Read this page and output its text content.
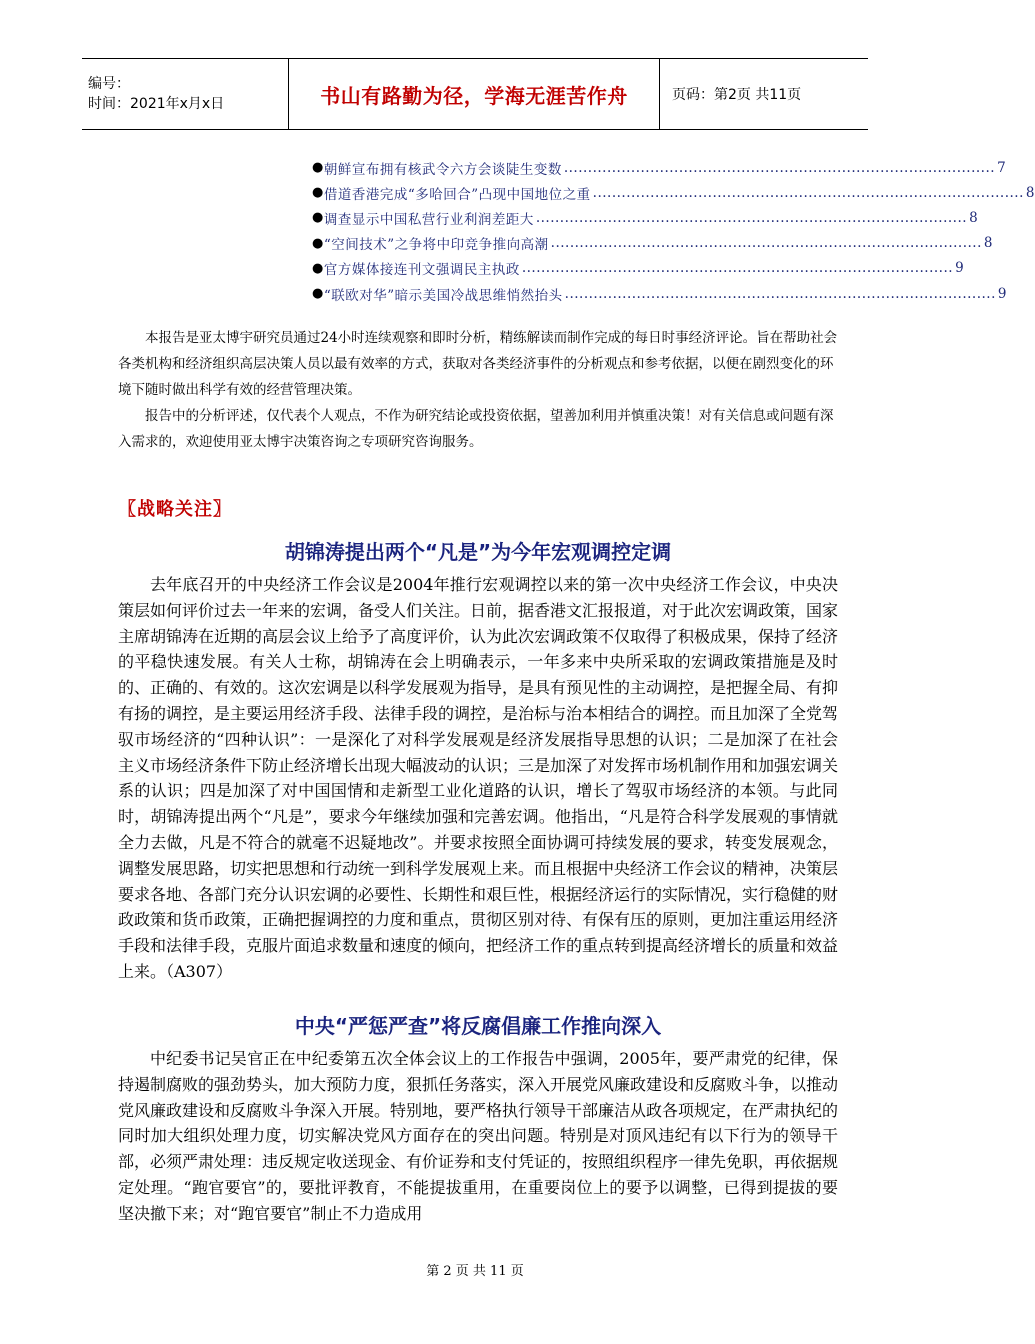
编号：
时间：2021年x月x日	书山有路勤为径，学海无涯苦作舟	页码：第2页 共11页
● 朝鲜宣布拥有核武令六方会谈陡生变数 .......................................................................................... 7
● 借道香港完成“多哈回合”凸现中国地位之重 .......................................................................................... 8
● 调查显示中国私营行业利润差距大 .......................................................................................... 8
● “空间技术”之争将中印竞争推向高潮 .......................................................................................... 8
● 官方媒体接连刊文强调民主执政 .......................................................................................... 9
● “联欧对华”暗示美国冷战思维悄然抬头 .......................................................................................... 9

本报告是亚太博宇研究员通过24小时连续观察和即时分析，精练解读而制作完成的每日时事经济评论。旨在帮助社会各类机构和经济组织高层决策人员以最有效率的方式，获取对各类经济事件的分析观点和参考依据，以便在剧烈变化的环境下随时做出科学有效的经营管理决策。

报告中的分析评述，仅代表个人观点，不作为研究结论或投资依据，望善加利用并慎重决策！对有关信息或问题有深入需求的，欢迎使用亚太博宇决策咨询之专项研究咨询服务。

〖战略关注〗
胡锦涛提出两个“凡是”为今年宏观调控定调

去年底召开的中央经济工作会议是2004年推行宏观调控以来的第一次中央经济工作会议，中央决策层如何评价过去一年来的宏调，备受人们关注。日前，据香港文汇报报道，对于此次宏调政策，国家主席胡锦涛在近期的高层会议上给予了高度评价，认为此次宏调政策不仅取得了积极成果，保持了经济的平稳快速发展。有关人士称，胡锦涛在会上明确表示，一年多来中央所采取的宏调政策措施是及时的、正确的、有效的。这次宏调是以科学发展观为指导，是具有预见性的主动调控，是把握全局、有抑有扬的调控，是主要运用经济手段、法律手段的调控，是治标与治本相结合的调控。而且加深了全党驾驭市场经济的“四种认识”：一是深化了对科学发展观是经济发展指导思想的认识；二是加深了在社会主义市场经济条件下防止经济增长出现大幅波动的认识；三是加深了对发挥市场机制作用和加强宏调关系的认识；四是加深了对中国国情和走新型工业化道路的认识，增长了驾驭市场经济的本领。与此同时，胡锦涛提出两个“凡是”，要求今年继续加强和完善宏调。他指出，“凡是符合科学发展观的事情就全力去做，凡是不符合的就毫不迟疑地改”。并要求按照全面协调可持续发展的要求，转变发展观念，调整发展思路，切实把思想和行动统一到科学发展观上来。而且根据中央经济工作会议的精神，决策层要求各地、各部门充分认识宏调的必要性、长期性和艰巨性，根据经济运行的实际情况，实行稳健的财政政策和货币政策，正确把握调控的力度和重点，贯彻区别对待、有保有压的原则，更加注重运用经济手段和法律手段，克服片面追求数量和速度的倾向，把经济工作的重点转到提高经济增长的质量和效益上来。（A307）

中央“严惩严查”将反腐倡廉工作推向深入

中纪委书记吴官正在中纪委第五次全体会议上的工作报告中强调，2005年，要严肃党的纪律，保持遏制腐败的强劲势头，加大预防力度，狠抓任务落实，深入开展党风廉政建设和反腐败斗争，以推动党风廉政建设和反腐败斗争深入开展。特别地，要严格执行领导干部廉洁从政各项规定，在严肃执纪的同时加大组织处理力度，切实解决党风方面存在的突出问题。特别是对顶风违纪有以下行为的领导干部，必须严肃处理：违反规定收送现金、有价证券和支付凭证的，按照组织程序一律先免职，再依据规定处理。“跑官要官”的，要批评教育，不能提拔重用，在重要岗位上的要予以调整，已得到提拔的要坚决撤下来；对“跑官要官”制止不力造成用

第 2 页 共 11 页
